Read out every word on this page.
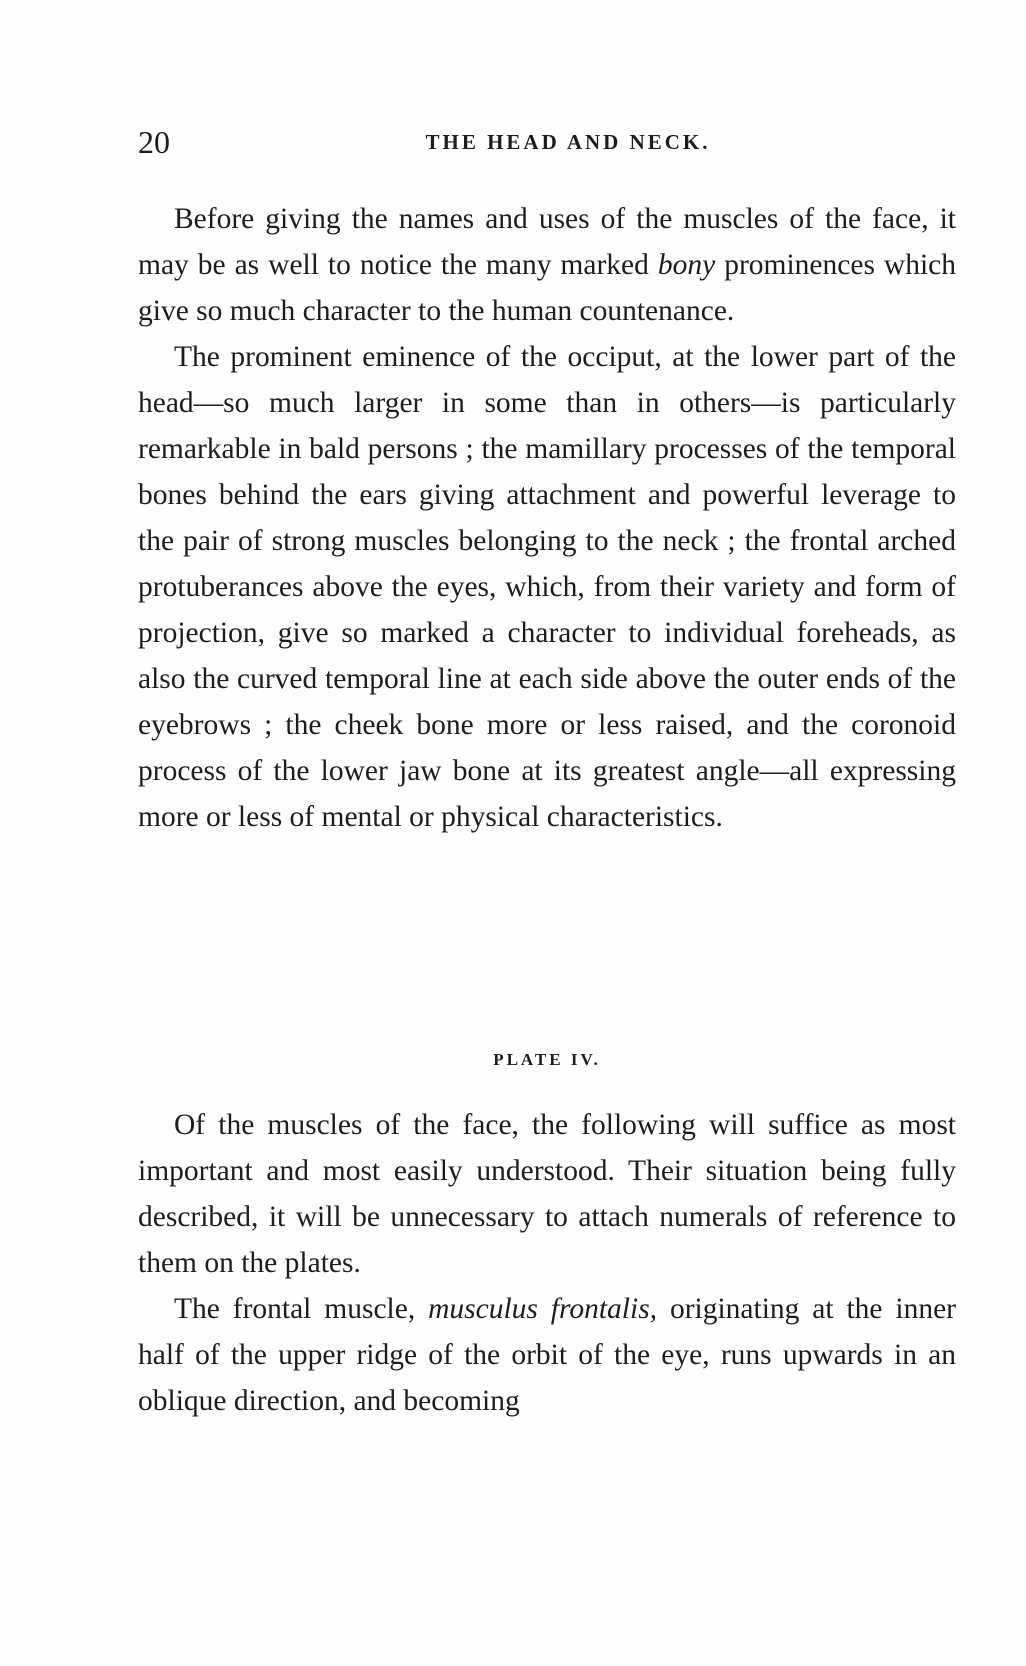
20	THE HEAD AND NECK.

Before giving the names and uses of the muscles of the face, it may be as well to notice the many marked bony prominences which give so much character to the human countenance.

The prominent eminence of the occiput, at the lower part of the head—so much larger in some than in others—is particularly remarkable in bald persons ; the mamillary processes of the temporal bones behind the ears giving attachment and powerful leverage to the pair of strong muscles belonging to the neck ; the frontal arched protuberances above the eyes, which, from their variety and form of projection, give so marked a character to individual foreheads, as also the curved temporal line at each side above the outer ends of the eyebrows ; the cheek bone more or less raised, and the coronoid process of the lower jaw bone at its greatest angle—all expressing more or less of mental or physical characteristics.

PLATE IV.

Of the muscles of the face, the following will suffice as most important and most easily understood. Their situation being fully described, it will be unnecessary to attach numerals of reference to them on the plates.

The frontal muscle, musculus frontalis, originating at the inner half of the upper ridge of the orbit of the eye, runs upwards in an oblique direction, and becoming
